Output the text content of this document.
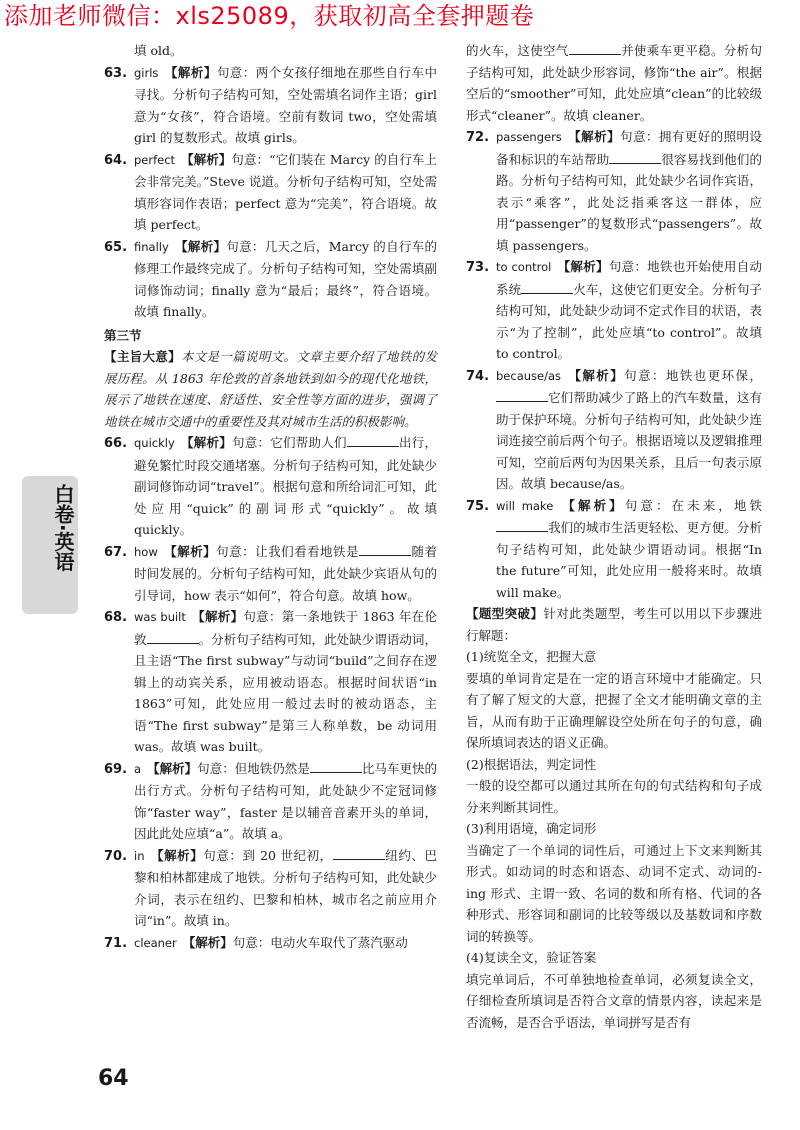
添加老师微信：xls25089，获取初高全套押题卷
白卷·英语

填 old。

63. girls 【解析】句意：两个女孩仔细地在那些自行车中寻找。分析句子结构可知，空处需填名词作主语；girl 意为“女孩”，符合语境。空前有数词 two，空处需填 girl 的复数形式。故填 girls。

64. perfect 【解析】句意：“它们装在 Marcy 的自行车上会非常完美。”Steve 说道。分析句子结构可知，空处需填形容词作表语；perfect 意为“完美”，符合语境。故填 perfect。

65. finally 【解析】句意：几天之后，Marcy 的自行车的修理工作最终完成了。分析句子结构可知，空处需填副词修饰动词；finally 意为“最后；最终”，符合语境。故填 finally。

第三节

【主旨大意】本文是一篇说明文。文章主要介绍了地铁的发展历程。从 1863 年伦敦的首条地铁到如今的现代化地铁，展示了地铁在速度、舒适性、安全性等方面的进步，强调了地铁在城市交通中的重要性及其对城市生活的积极影响。

66. quickly 【解析】句意：它们帮助人们	出行，避免繁忙时段交通堵塞。分析句子结构可知，此处缺少副词修饰动词“travel”。根据句意和所给词汇可知，此处应用“quick”的副词形式“quickly”。故填 quickly。

67. how 【解析】句意：让我们看看地铁是	随着时间发展的。分析句子结构可知，此处缺少宾语从句的引导词，how 表示“如何”，符合句意。故填 how。

68. was built 【解析】句意：第一条地铁于 1863 年在伦敦	。分析句子结构可知，此处缺少谓语动词，且主语“The first subway”与动词“build”之间存在逻辑上的动宾关系，应用被动语态。根据时间状语“in 1863”可知，此处应用一般过去时的被动语态，主语“The first subway”是第三人称单数，be 动词用 was。故填 was built。

69. a 【解析】句意：但地铁仍然是	比马车更快的出行方式。分析句子结构可知，此处缺少不定冠词修饰“faster way”，faster 是以辅音音素开头的单词，因此此处应填“a”。故填 a。

70. in 【解析】句意：到 20 世纪初，	纽约、巴黎和柏林都建成了地铁。分析句子结构可知，此处缺少介词，表示在纽约、巴黎和柏林，城市名之前应用介词“in”。故填 in。

71. cleaner 【解析】句意：电动火车取代了蒸汽驱动

的火车，这使空气	并使乘车更平稳。分析句子结构可知，此处缺少形容词，修饰“the air”。根据空后的“smoother”可知，此处应填“clean”的比较级形式“cleaner”。故填 cleaner。

72. passengers 【解析】句意：拥有更好的照明设备和标识的车站帮助	很容易找到他们的路。分析句子结构可知，此处缺少名词作宾语，表示“乘客”，此处泛指乘客这一群体，应用“passenger”的复数形式“passengers”。故填 passengers。

73. to control 【解析】句意：地铁也开始使用自动系统	火车，这使它们更安全。分析句子结构可知，此处缺少动词不定式作目的状语，表示“为了控制”，此处应填“to control”。故填 to control。

74. because/as 【解析】句意：地铁也更环保，它们帮助减少了路上的汽车数量，这有助于保护环境。分析句子结构可知，此处缺少连词连接空前后两个句子。根据语境以及逻辑推理可知，空前后两句为因果关系，且后一句表示原因。故填 because/as。

75. will make 【解析】句意：在未来，地铁我们的城市生活更轻松、更方便。分析句子结构可知，此处缺少谓语动词。根据“In the future”可知，此处应用一般将来时。故填 will make。

【题型突破】针对此类题型，考生可以用以下步骤进行解题：

(1)统览全文，把握大意

要填的单词肯定是在一定的语言环境中才能确定。只有了解了短文的大意，把握了全文才能明确文章的主旨，从而有助于正确理解设空处所在句子的句意，确保所填词表达的语义正确。

(2)根据语法，判定词性

一般的设空都可以通过其所在句的句式结构和句子成分来判断其词性。

(3)利用语境，确定词形

当确定了一个单词的词性后，可通过上下文来判断其形式。如动词的时态和语态、动词不定式、动词的-ing 形式、主谓一致、名词的数和所有格、代词的各种形式、形容词和副词的比较等级以及基数词和序数词的转换等。

(4)复读全文，验证答案

填完单词后，不可单独地检查单词，必须复读全文，仔细检查所填词是否符合文章的情景内容，读起来是否流畅，是否合乎语法，单词拼写是否有

64
